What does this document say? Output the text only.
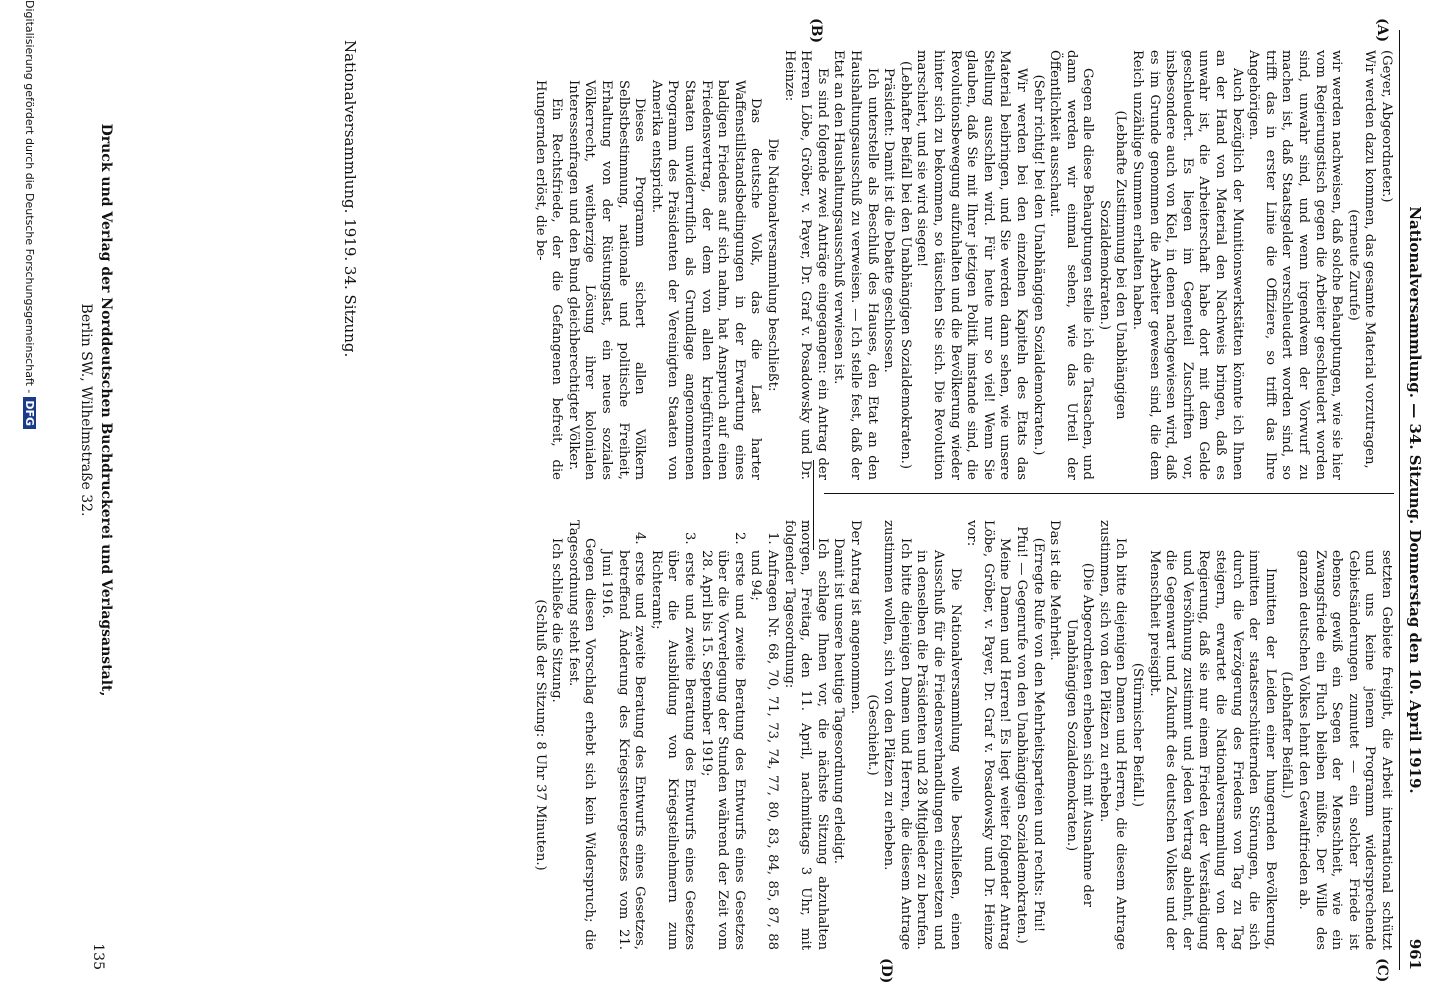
Nationalversammlung. — 34. Sitzung. Donnerstag den 10. April 1919.
961
(A)
(B)
(C)
(D)

(Geyer, Abgeordneter.)

Wir werden dazu kommen, das gesamte Material vorzutragen,

(erneute Zurufe)

wir werden nachweisen, daß solche Behauptungen, wie sie hier vom Regierungstisch gegen die Arbeiter geschleudert worden sind, unwahr sind, und wenn irgendwem der Vorwurf zu machen ist, daß Staatsgelder verschleudert worden sind, so trifft das in erster Linie die Offiziere, so trifft das Ihre Angehörigen.

Auch bezüglich der Munitionswerkstätten könnte ich Ihnen an der Hand von Material den Nachweis bringen, daß es unwahr ist, die Arbeiterschaft habe dort mit dem Gelde geschleudert. Es liegen im Gegenteil Zuschriften vor, insbesondere auch von Kiel, in denen nachgewiesen wird, daß es im Grunde genommen die Arbeiter gewesen sind, die dem Reich unzählige Summen erhalten haben.

(Lebhafte Zustimmung bei den Unabhängigen Sozialdemokraten.)

Gegen alle diese Behauptungen stelle ich die Tatsachen, und dann werden wir einmal sehen, wie das Urteil der Öffentlichkeit ausschaut.

(Sehr richtig! bei den Unabhängigen Sozialdemokraten.)

Wir werden bei den einzelnen Kapiteln des Etats das Material beibringen, und Sie werden dann sehen, wie unsere Stellung ausschlen wird. Für heute nur so viel! Wenn Sie glauben, daß Sie mit Ihrer jetzigen Politik imstande sind, die Revolutionsbewegung aufzuhalten und die Bevölkerung wieder hinter sich zu bekommen, so täuschen Sie sich. Die Revolution marschiert, und sie wird siegen!

(Lebhafter Beifall bei den Unabhängigen Sozialdemokraten.)

Präsident: Damit ist die Debatte geschlossen.

Ich unterstelle als Beschluß des Hauses, den Etat an den Haushaltungsausschuß zu verweisen. — Ich stelle fest, daß der Etat an den Haushaltungsausschuß verwiesen ist.

Es sind folgende zwei Anträge eingegangen: ein Antrag der Herren Löbe, Gröber, v. Payer, Dr. Graf v. Posadowsky und Dr. Heinze:

Die Nationalversammlung beschließt:

Das deutsche Volk, das die Last harter Waffenstillstandsbedingungen in der Erwartung eines baldigen Friedens auf sich nahm, hat Anspruch auf einen Friedensvertrag, der dem von allen kriegführenden Staaten unwiderruflich als Grundlage angenommenen Programm des Präsidenten der Vereinigten Staaten von Amerika entspricht.

Dieses Programm sichert allen Völkern Selbstbestimmung, nationale und politische Freiheit, Erhaltung von der Rüstungslast, ein neues soziales Völkerrecht, weitherzige Lösung ihrer kolonialen Interessenfragen und den Bund gleichberechtigter Völker.

Ein Rechtsfriede, der die Gefangenen befreit, die Hungernden erlöst, die be-

setzten Gebiete freigibt, die Arbeit international schützt und uns keine jenem Programm widersprechende Gebietsänderungen zumutet — ein solcher Friede ist ebenso gewiß ein Segen der Menschheit, wie ein Zwangsfriede ein Fluch bleiben müßte. Der Wille des ganzen deutschen Volkes lehnt den Gewaltfrieden ab.

(Lebhafter Beifall.)

Inmitten der Leiden einer hungernden Bevölkerung, inmitten der staatserschütternden Störungen, die sich durch die Verzögerung des Friedens von Tag zu Tag steigern, erwartet die Nationalversammlung von der Regierung, daß sie nur einem Frieden der Verständigung und Versöhnung zustimmt und jeden Vertrag ablehnt, der die Gegenwart und Zukunft des deutschen Volkes und der Menschheit preisgibt.

(Stürmischer Beifall.)

Ich bitte diejenigen Damen und Herren, die diesem Antrage zustimmen, sich von den Plätzen zu erheben.

(Die Abgeordneten erheben sich mit Ausnahme der Unabhängigen Sozialdemokraten.)

Das ist die Mehrheit.

(Erregte Rufe von den Mehrheitsparteien und rechts: Pfui! Pfui! — Gegenrufe von den Unabhängigen Sozialdemokraten.)

Meine Damen und Herren! Es liegt weiter folgender Antrag Löbe, Gröber, v. Payer, Dr. Graf v. Posadowsky und Dr. Heinze vor:

Die Nationalversammlung wolle beschließen, einen Ausschuß für die Friedensverhandlungen einzusetzen und in denselben die Präsidenten und 28 Mitglieder zu berufen.

Ich bitte diejenigen Damen und Herren, die diesem Antrage zustimmen wollen, sich von den Plätzen zu erheben.

(Geschieht.)

Der Antrag ist angenommen.

Damit ist unsere heutige Tagesordnung erledigt.

Ich schlage Ihnen vor, die nächste Sitzung abzuhalten morgen, Freitag, den 11. April, nachmittags 3 Uhr, mit folgender Tagesordnung:

1. Anfragen Nr. 68, 70, 71, 73, 74, 77, 80, 83, 84, 85, 87, 88 und 94;

2. erste und zweite Beratung des Entwurfs eines Gesetzes über die Vorverlegung der Stunden während der Zeit vom 28. April bis 15. September 1919;

3. erste und zweite Beratung des Entwurfs eines Gesetzes über die Ausbildung von Kriegsteilnehmern zum Richteramt;

4. erste und zweite Beratung des Entwurfs eines Gesetzes, betreffend Änderung des Kriegssteuergesetzes vom 21. Juni 1916.

Gegen diesen Vorschlag erhebt sich kein Widerspruch; die Tagesordnung steht fest.

Ich schließe die Sitzung.

(Schluß der Sitzung: 8 Uhr 37 Minuten.)

Nationalversammlung. 1919. 34. Sitzung.
Druck und Verlag der Norddeutschen Buchdruckerei und Verlagsanstalt,
Berlin SW., Wilhelmstraße 32.
135
Digitalisierung gefördert durch die Deutsche Forschungsgemeinschaft -DFG
